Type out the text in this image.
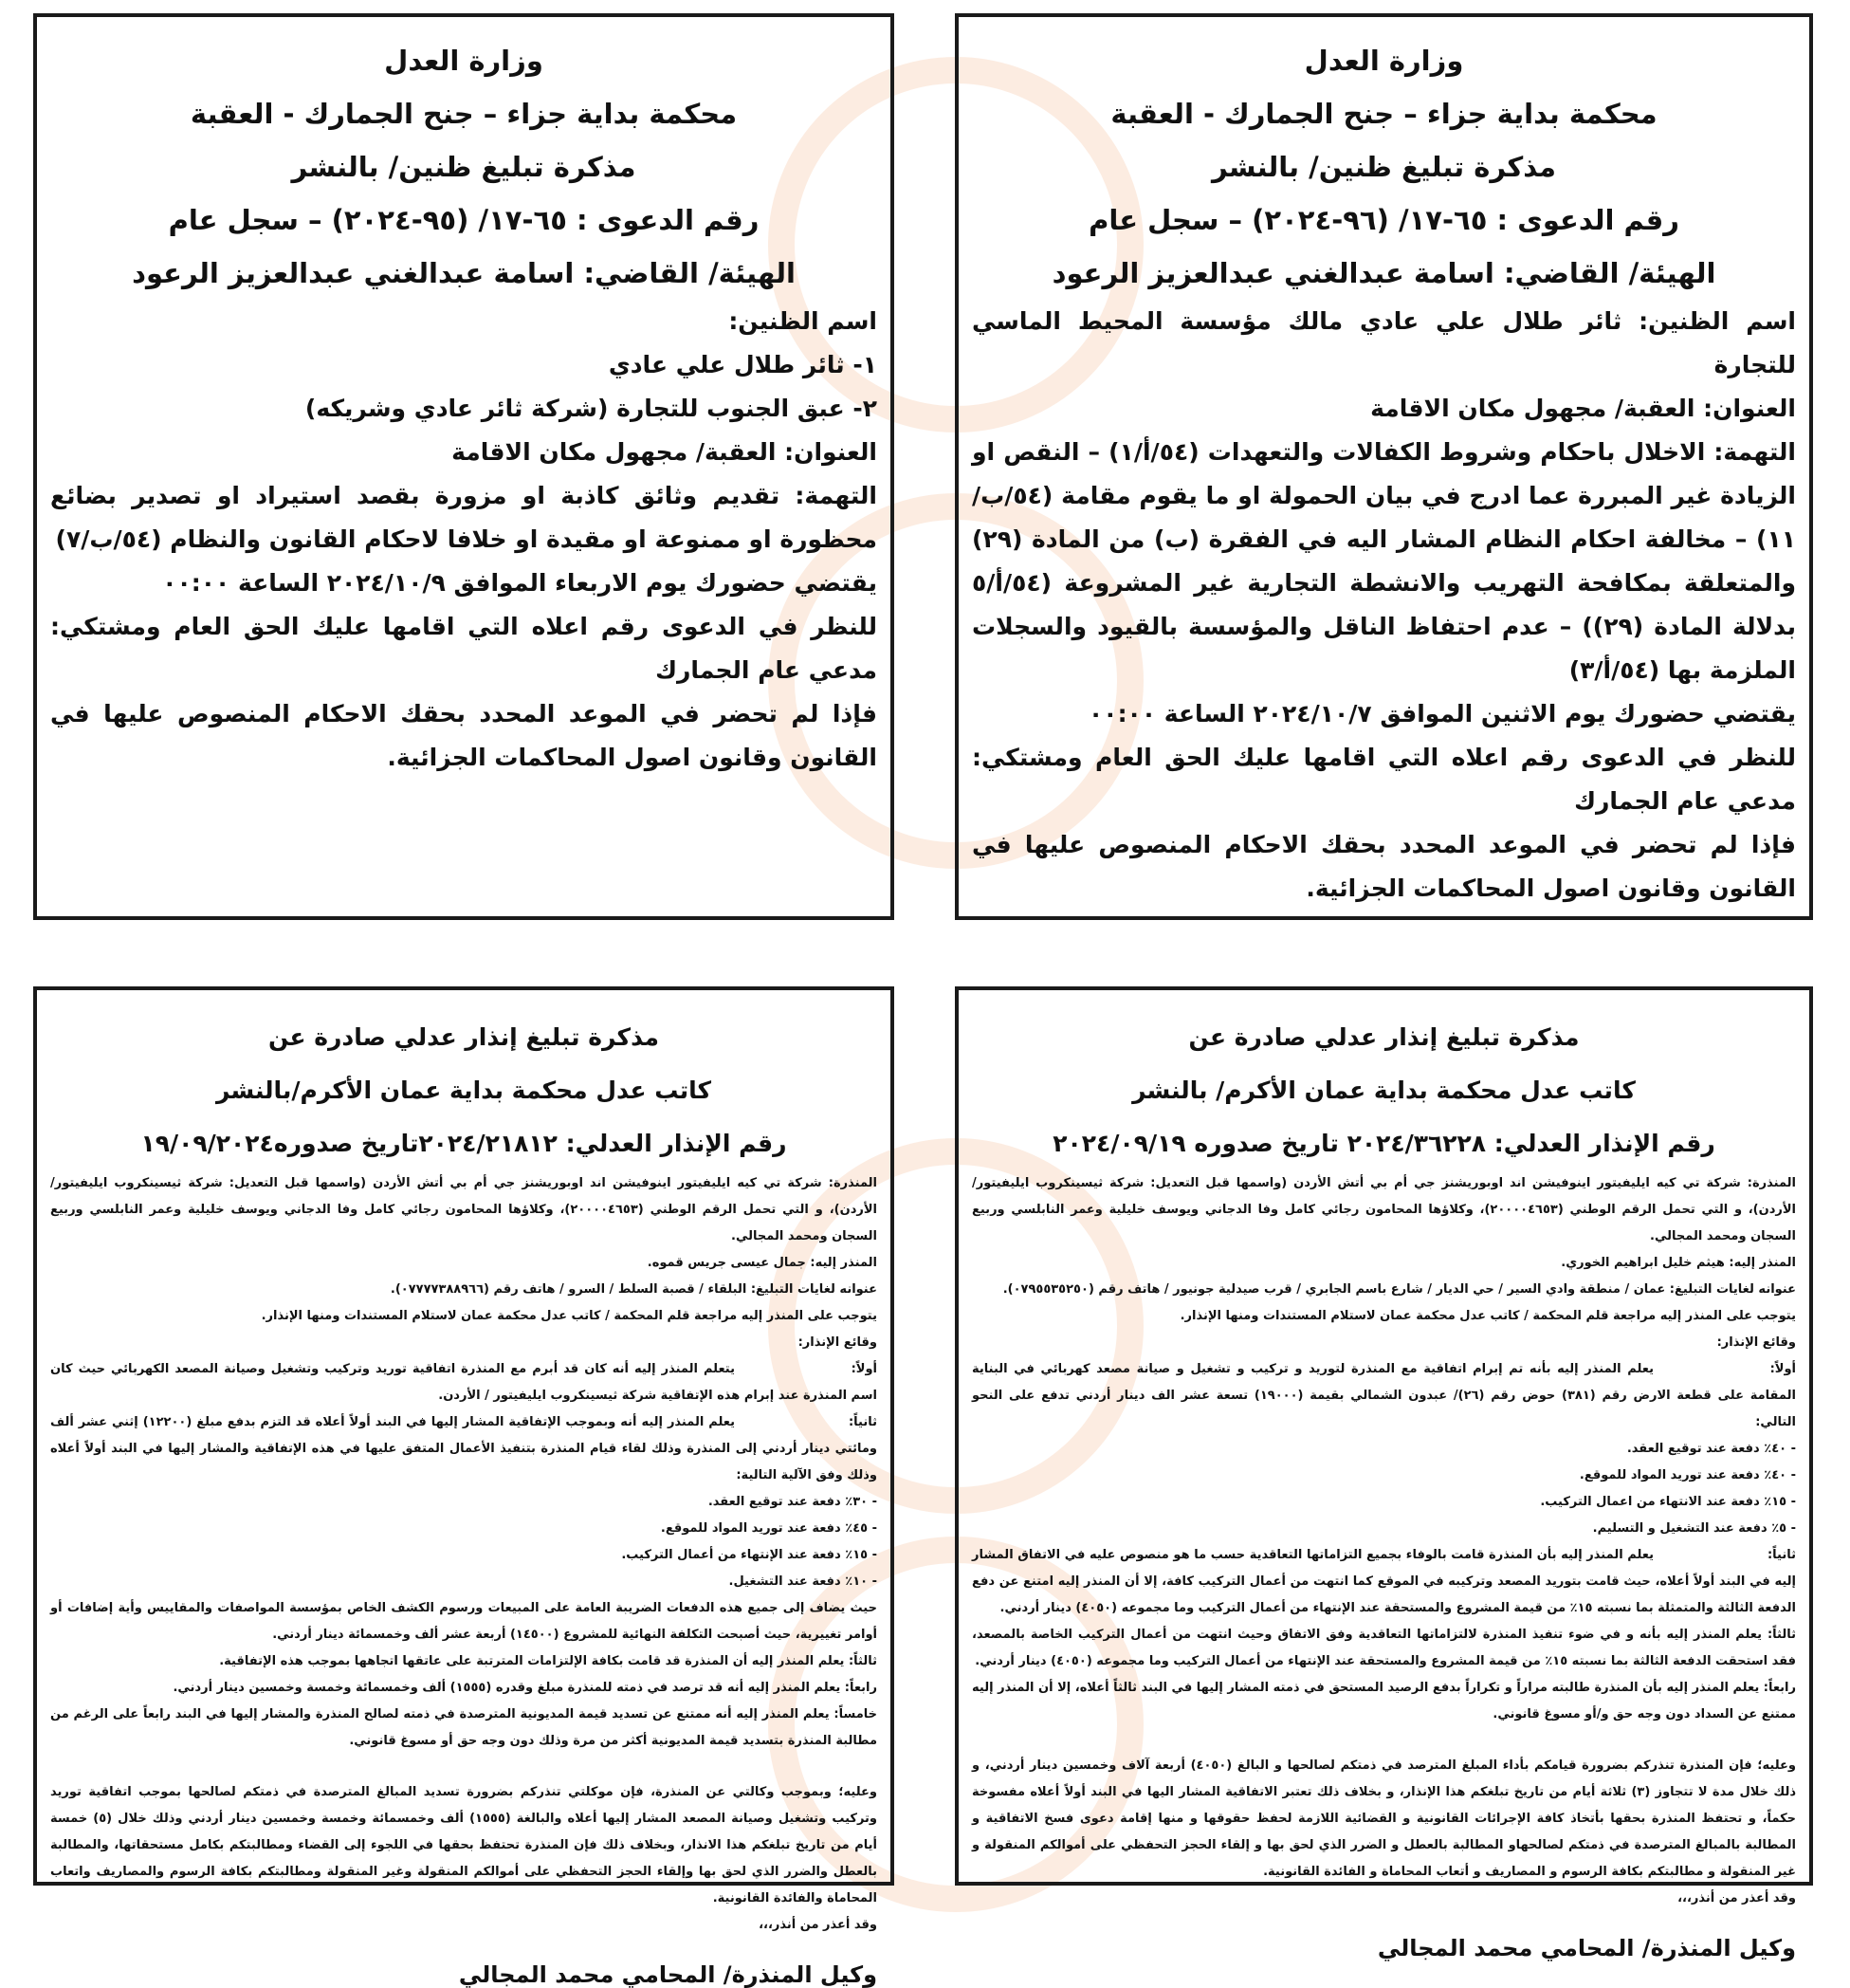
وزارة العدل
محكمة بداية جزاء – جنح الجمارك - العقبة
مذكرة تبليغ ظنين/ بالنشر
رقم الدعوى : ٦٥-١٧/ (٩٦-٢٠٢٤) – سجل عام
الهيئة/ القاضي: اسامة عبدالغني عبدالعزيز الرعود

اسم الظنين: ثائر طلال علي عادي مالك مؤسسة المحيط الماسي للتجارة

العنوان: العقبة/ مجهول مكان الاقامة

التهمة: الاخلال باحكام وشروط الكفالات والتعهدات (٥٤/أ/١) – النقص او الزيادة غير المبررة عما ادرج في بيان الحمولة او ما يقوم مقامة (٥٤/ب/١١) – مخالفة احكام النظام المشار اليه في الفقرة (ب) من المادة (٢٩) والمتعلقة بمكافحة التهريب والانشطة التجارية غير المشروعة (٥٤/أ/٥ بدلالة المادة (٢٩)) – عدم احتفاظ الناقل والمؤسسة بالقيود والسجلات الملزمة بها (٥٤/أ/٣)

يقتضي حضورك يوم الاثنين الموافق ٢٠٢٤/١٠/٧ الساعة ٠٠:٠٠

للنظر في الدعوى رقم اعلاه التي اقامها عليك الحق العام ومشتكي: مدعي عام الجمارك

فإذا لم تحضر في الموعد المحدد بحقك الاحكام المنصوص عليها في القانون وقانون اصول المحاكمات الجزائية.

وزارة العدل
محكمة بداية جزاء – جنح الجمارك - العقبة
مذكرة تبليغ ظنين/ بالنشر
رقم الدعوى : ٦٥-١٧/ (٩٥-٢٠٢٤) – سجل عام
الهيئة/ القاضي: اسامة عبدالغني عبدالعزيز الرعود

اسم الظنين:

١- ثائر طلال علي عادي

٢- عبق الجنوب للتجارة (شركة ثائر عادي وشريكه)

العنوان: العقبة/ مجهول مكان الاقامة

التهمة: تقديم وثائق كاذبة او مزورة بقصد استيراد او تصدير بضائع محظورة او ممنوعة او مقيدة او خلافا لاحكام القانون والنظام (٥٤/ب/٧)

يقتضي حضورك يوم الاربعاء الموافق ٢٠٢٤/١٠/٩ الساعة ٠٠:٠٠

للنظر في الدعوى رقم اعلاه التي اقامها عليك الحق العام ومشتكي: مدعي عام الجمارك

فإذا لم تحضر في الموعد المحدد بحقك الاحكام المنصوص عليها في القانون وقانون اصول المحاكمات الجزائية.

مذكرة تبليغ إنذار عدلي صادرة عن
كاتب عدل محكمة بداية عمان الأكرم/ بالنشر
رقم الإنذار العدلي: ٢٠٢٤/٣٦٢٢٨ تاريخ صدوره ٢٠٢٤/٠٩/١٩

المنذرة: شركة تي كيه ايليفيتور اينوفيشن اند اوبوريشنز جي أم بي أتش الأردن (واسمها قبل التعديل: شركة ثيسينكروب ايليفيتور/الأردن)، و التي تحمل الرقم الوطني (٢٠٠٠٠٤٦٥٣)، وكلاؤها المحامون رجائي كامل وفا الدجاني ويوسف خليلية وعمر النابلسي وربيع السجان ومحمد المجالي.

المنذر إليه: هيثم خليل ابراهيم الخوري.

عنوانه لغايات التبليغ: عمان / منطقة وادي السير / حي الديار / شارع باسم الجابري / قرب صيدلية جونيور / هاتف رقم (٠٧٩٥٥٣٥٢٥٠).

يتوجب على المنذر إليه مراجعة قلم المحكمة / كاتب عدل محكمة عمان لاستلام المستندات ومنها الإنذار.

وقائع الإنذار:

أولاً:يعلم المنذر إليه بأنه تم إبرام اتفاقية مع المنذرة لتوريد و تركيب و تشغيل و صيانة مصعد كهربائي في البناية المقامة على قطعة الارض رقم (٣٨١) حوض رقم (٢٦)/ عبدون الشمالي بقيمة (١٩٠٠٠) تسعة عشر الف دينار أردني تدفع على النحو التالي:

- ٤٠٪ دفعة عند توقيع العقد.

- ٤٠٪ دفعة عند توريد المواد للموقع.

- ١٥٪ دفعة عند الانتهاء من اعمال التركيب.

- ٥٪ دفعة عند التشغيل و التسليم.

ثانياً:يعلم المنذر إليه بأن المنذرة قامت بالوفاء بجميع التزاماتها التعاقدية حسب ما هو منصوص عليه في الاتفاق المشار إليه في البند أولاً أعلاه، حيث قامت بتوريد المصعد وتركيبه في الموقع كما انتهت من أعمال التركيب كافة، إلا أن المنذر إليه امتنع عن دفع الدفعة الثالثة والمتمثلة بما نسبته ١٥٪ من قيمة المشروع والمستحقة عند الإنتهاء من أعمال التركيب وما مجموعه (٤٠٥٠) دينار أردني.

ثالثاً: يعلم المنذر إليه بأنه و في ضوء تنفيذ المنذرة لالتزاماتها التعاقدية وفق الاتفاق وحيث انتهت من أعمال التركيب الخاصة بالمصعد، فقد استحقت الدفعة الثالثة بما نسبته ١٥٪ من قيمة المشروع والمستحقة عند الإنتهاء من أعمال التركيب وما مجموعه (٤٠٥٠) دينار أردني.

رابعاً: يعلم المنذر إليه بأن المنذرة طالبته مراراً و تكراراً بدفع الرصيد المستحق في ذمته المشار إليها في البند ثالثاً أعلاه، إلا أن المنذر إليه ممتنع عن السداد دون وجه حق و/أو مسوغ قانوني.

وعليه؛ فإن المنذرة تنذركم بضرورة قيامكم بأداء المبلغ المترصد في ذمتكم لصالحها و البالغ (٤٠٥٠) أربعة آلاف وخمسين دينار أردني، و ذلك خلال مدة لا تتجاوز (٣) ثلاثة أيام من تاريخ تبلغكم هذا الإنذار، و بخلاف ذلك تعتبر الاتفاقية المشار اليها في البند أولاً أعلاه مفسوخة حكماً، و تحتفظ المنذرة بحقها بأتخاذ كافة الإجرائات القانونية و القضائية اللازمة لحفظ حقوقها و منها إقامة دعوى فسخ الاتفاقية و المطالبة بالمبالغ المترصدة في ذمتكم لصالحهاو المطالبة بالعطل و الضرر الذي لحق بها و إلقاء الحجز التحفظي على أموالكم المنقولة و غير المنقولة و مطالبتكم بكافة الرسوم و المصاريف و أتعاب المحاماة و الفائدة القانونية.

وقد أعذر من أنذر،،،

وكيل المنذرة/ المحامي محمد المجالي
مذكرة تبليغ إنذار عدلي صادرة عن
كاتب عدل محكمة بداية عمان الأكرم/بالنشر
رقم الإنذار العدلي: ٢٠٢٤/٢١٨١٢تاريخ صدوره١٩/٠٩/٢٠٢٤

المنذرة: شركة تي كيه ايليفيتور اينوفيشن اند اوبوريشنز جي أم بي أتش الأردن (واسمها قبل التعديل: شركة ثيسينكروب ايليفيتور/الأردن)، و التي تحمل الرقم الوطني (٢٠٠٠٠٤٦٥٣)، وكلاؤها المحامون رجائي كامل وفا الدجاني ويوسف خليلية وعمر النابلسي وربيع السجان ومحمد المجالي.

المنذر إليه: جمال عيسى جريس قموه.

عنوانه لغايات التبليغ: البلقاء / قصبة السلط / السرو / هاتف رقم (٠٧٧٧٧٣٨٨٩٦٦).

يتوجب على المنذر إليه مراجعة قلم المحكمة / كاتب عدل محكمة عمان لاستلام المستندات ومنها الإنذار.

وقائع الإنذار:

أولاً:يتعلم المنذر إليه أنه كان قد أبرم مع المنذرة اتفاقية توريد وتركيب وتشغيل وصيانة المصعد الكهربائي حيث كان اسم المنذرة عند إبرام هذه الإتفاقية شركة ثيسينكروب ايليفيتور / الأردن.

ثانياً:يعلم المنذر إليه أنه وبموجب الإتفاقية المشار إليها في البند أولاً أعلاه قد التزم بدفع مبلغ (١٢٢٠٠) إثني عشر ألف ومائتي دينار أردني إلى المنذرة وذلك لقاء قيام المنذرة بتنفيذ الأعمال المتفق عليها في هذه الإتفاقية والمشار إليها في البند أولاً أعلاه وذلك وفق الآلية التالية:

- ٣٠٪ دفعة عند توقيع العقد.

- ٤٥٪ دفعة عند توريد المواد للموقع.

- ١٥٪ دفعة عند الإنتهاء من أعمال التركيب.

- ١٠٪ دفعة عند التشغيل.

حيث يضاف إلى جميع هذه الدفعات الضريبة العامة على المبيعات ورسوم الكشف الخاص بمؤسسة المواصفات والمقاييس وأية إضافات أو أوامر تغييرية، حيث أصبحت التكلفة النهائية للمشروع (١٤٥٠٠) أربعة عشر ألف وخمسمائة دينار أردني.

ثالثاً: يعلم المنذر إليه أن المنذرة قد قامت بكافة الإلتزامات المترتبة على عاتقها اتجاهها بموجب هذه الإتفاقية.

رابعاً: يعلم المنذر إليه أنه قد ترصد في ذمته للمنذرة مبلغ وقدره (١٥٥٥) ألف وخمسمائة وخمسة وخمسين دينار أردني.

خامساً: يعلم المنذر إليه أنه ممتنع عن تسديد قيمة المديونية المترصدة في ذمته لصالح المنذرة والمشار إليها في البند رابعاً على الرغم من مطالبة المنذرة بتسديد قيمة المديونية أكثر من مرة وذلك دون وجه حق أو مسوغ قانوني.

وعليه؛ وبموجب وكالتي عن المنذرة، فإن موكلتي تنذركم بضرورة تسديد المبالغ المترصدة في ذمتكم لصالحها بموجب اتفاقية توريد وتركيب وتشغيل وصيانة المصعد المشار إليها أعلاه والبالغة (١٥٥٥) ألف وخمسمائة وخمسة وخمسين دينار أردني وذلك خلال (٥) خمسة أيام من تاريخ تبلغكم هذا الانذار، وبخلاف ذلك فإن المنذرة تحتفظ بحقها في اللجوء إلى القضاء ومطالبتكم بكامل مستحقاتها، والمطالبة بالعطل والضرر الذي لحق بها وإلقاء الحجز التحفظي على أموالكم المنقولة وغير المنقولة ومطالبتكم بكافة الرسوم والمصاريف واتعاب المحاماة والفائدة القانونية.

وقد أعذر من أنذر،،،

وكيل المنذرة/ المحامي محمد المجالي
